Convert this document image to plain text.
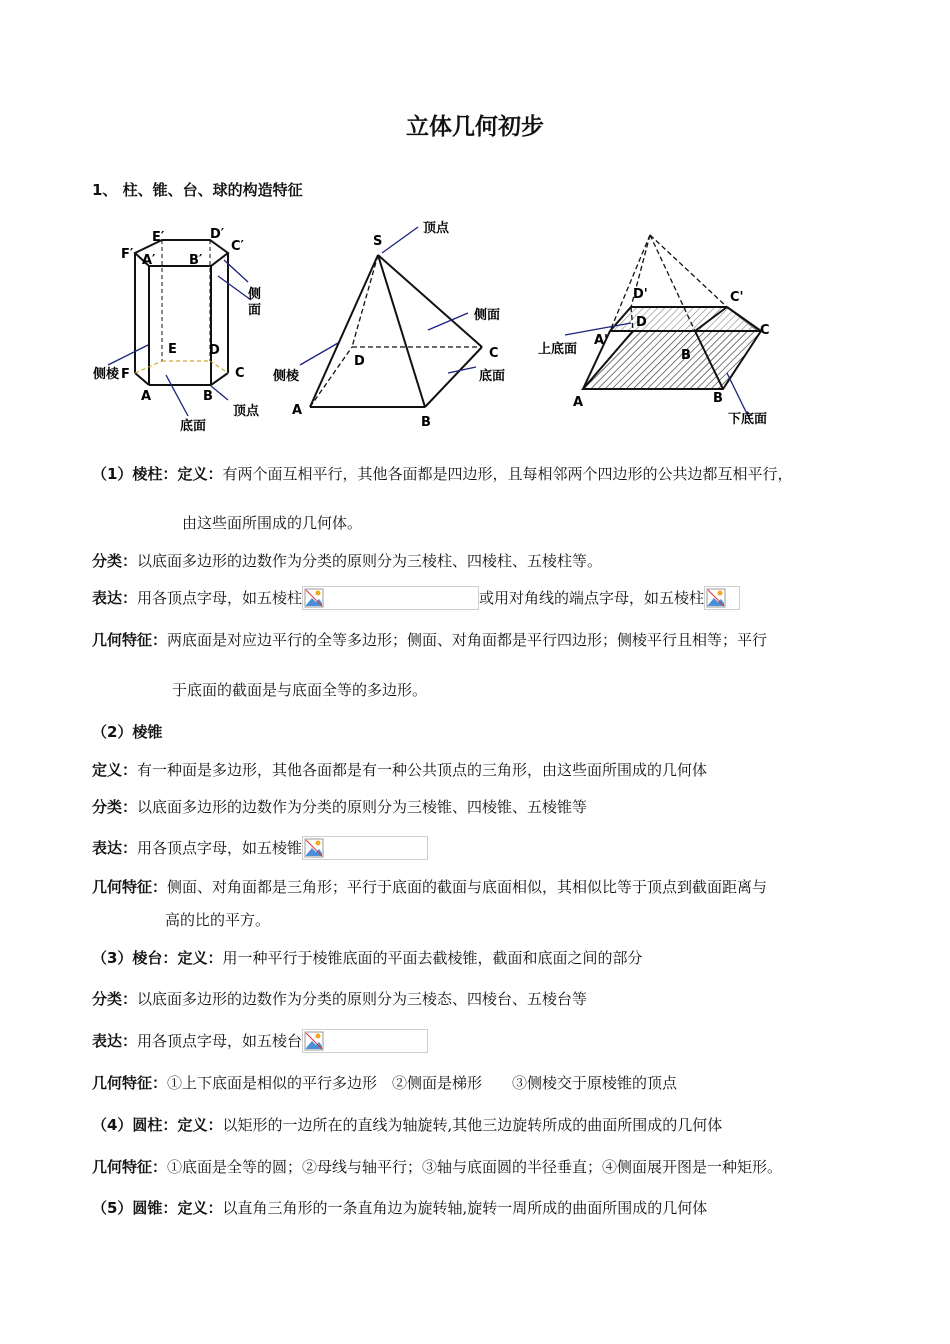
立体几何初步
1、 柱、锥、台、球的构造特征
F′
E′	D′
C′
A′	B′
E D
F
A	B
C
侧
面
侧棱
底面
顶点
S
A
B
C
D
顶点
侧面
侧棱	底面
D'	C'
D
A'
B
C
A	B
上底面
下底面
（1）棱柱：定义：有两个面互相平行，其他各面都是四边形，且每相邻两个四边形的公共边都互相平行，
由这些面所围成的几何体。
分类：以底面多边形的边数作为分类的原则分为三棱柱、四棱柱、五棱柱等。
表达：用各顶点字母，如五棱柱	或用对角线的端点字母，如五棱柱
几何特征：两底面是对应边平行的全等多边形；侧面、对角面都是平行四边形；侧棱平行且相等；平行
于底面的截面是与底面全等的多边形。
（2）棱锥
定义：有一种面是多边形，其他各面都是有一种公共顶点的三角形，由这些面所围成的几何体
分类：以底面多边形的边数作为分类的原则分为三棱锥、四棱锥、五棱锥等
表达：用各顶点字母，如五棱锥
几何特征：侧面、对角面都是三角形；平行于底面的截面与底面相似，其相似比等于顶点到截面距离与
高的比的平方。
（3）棱台：定义：用一种平行于棱锥底面的平面去截棱锥，截面和底面之间的部分
分类：以底面多边形的边数作为分类的原则分为三棱态、四棱台、五棱台等
表达：用各顶点字母，如五棱台
几何特征：①上下底面是相似的平行多边形　②侧面是梯形　　③侧棱交于原棱锥的顶点
（4）圆柱：定义：以矩形的一边所在的直线为轴旋转,其他三边旋转所成的曲面所围成的几何体
几何特征：①底面是全等的圆；②母线与轴平行；③轴与底面圆的半径垂直；④侧面展开图是一种矩形。
（5）圆锥：定义：以直角三角形的一条直角边为旋转轴,旋转一周所成的曲面所围成的几何体
